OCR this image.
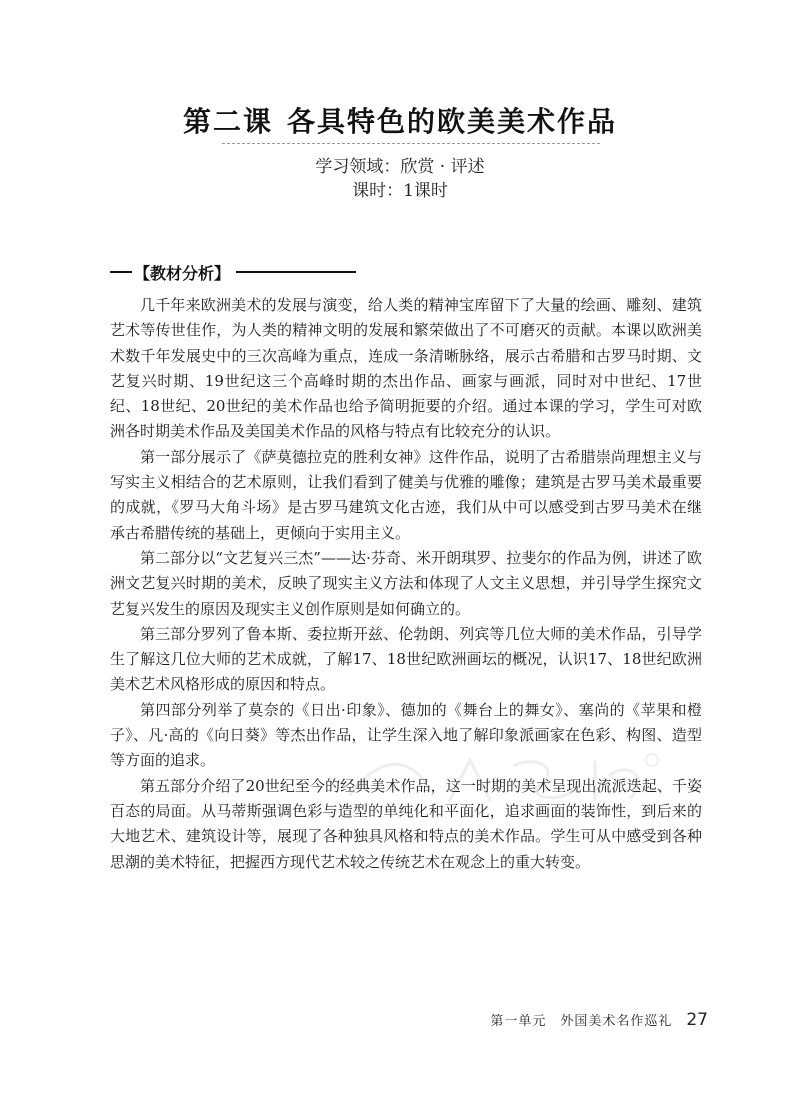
第二课 各具特色的欧美美术作品
学习领域：欣赏 · 评述
课时：1课时
【教材分析】

几千年来欧洲美术的发展与演变，给人类的精神宝库留下了大量的绘画、雕刻、建筑艺术等传世佳作，为人类的精神文明的发展和繁荣做出了不可磨灭的贡献。本课以欧洲美术数千年发展史中的三次高峰为重点，连成一条清晰脉络，展示古希腊和古罗马时期、文艺复兴时期、19世纪这三个高峰时期的杰出作品、画家与画派，同时对中世纪、17世纪、18世纪、20世纪的美术作品也给予简明扼要的介绍。通过本课的学习，学生可对欧洲各时期美术作品及美国美术作品的风格与特点有比较充分的认识。

第一部分展示了《萨莫德拉克的胜利女神》这件作品，说明了古希腊崇尚理想主义与写实主义相结合的艺术原则，让我们看到了健美与优雅的雕像；建筑是古罗马美术最重要的成就，《罗马大角斗场》是古罗马建筑文化古迹，我们从中可以感受到古罗马美术在继承古希腊传统的基础上，更倾向于实用主义。

第二部分以“文艺复兴三杰”——达·芬奇、米开朗琪罗、拉斐尔的作品为例，讲述了欧洲文艺复兴时期的美术，反映了现实主义方法和体现了人文主义思想，并引导学生探究文艺复兴发生的原因及现实主义创作原则是如何确立的。

第三部分罗列了鲁本斯、委拉斯开兹、伦勃朗、列宾等几位大师的美术作品，引导学生了解这几位大师的艺术成就，了解17、18世纪欧洲画坛的概况，认识17、18世纪欧洲美术艺术风格形成的原因和特点。

第四部分列举了莫奈的《日出·印象》、德加的《舞台上的舞女》、塞尚的《苹果和橙子》、凡·高的《向日葵》等杰出作品，让学生深入地了解印象派画家在色彩、构图、造型等方面的追求。

第五部分介绍了20世纪至今的经典美术作品，这一时期的美术呈现出流派迭起、千姿百态的局面。从马蒂斯强调色彩与造型的单纯化和平面化，追求画面的装饰性，到后来的大地艺术、建筑设计等，展现了各种独具风格和特点的美术作品。学生可从中感受到各种思潮的美术特征，把握西方现代艺术较之传统艺术在观念上的重大转变。

第一单元 外国美术名作巡礼 27
